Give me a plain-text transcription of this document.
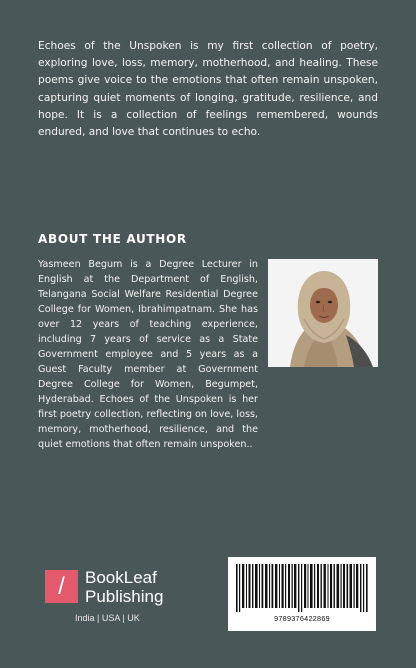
Echoes of the Unspoken is my first collection of poetry, exploring love, loss, memory, motherhood, and healing. These poems give voice to the emotions that often remain unspoken, capturing quiet moments of longing, gratitude, resilience, and hope. It is a collection of feelings remembered, wounds endured, and love that continues to echo.

ABOUT THE AUTHOR

Yasmeen Begum is a Degree Lecturer in English at the Department of English, Telangana Social Welfare Residential Degree College for Women, Ibrahimpatnam. She has over 12 years of teaching experience, including 7 years of service as a State Government employee and 5 years as a Guest Faculty member at Government Degree College for Women, Begumpet, Hyderabad. Echoes of the Unspoken is her first poetry collection, reflecting on love, loss, memory, motherhood, resilience, and the quiet emotions that often remain unspoken..

/	BookLeaf
Publishing
India | USA | UK	9789376422869
